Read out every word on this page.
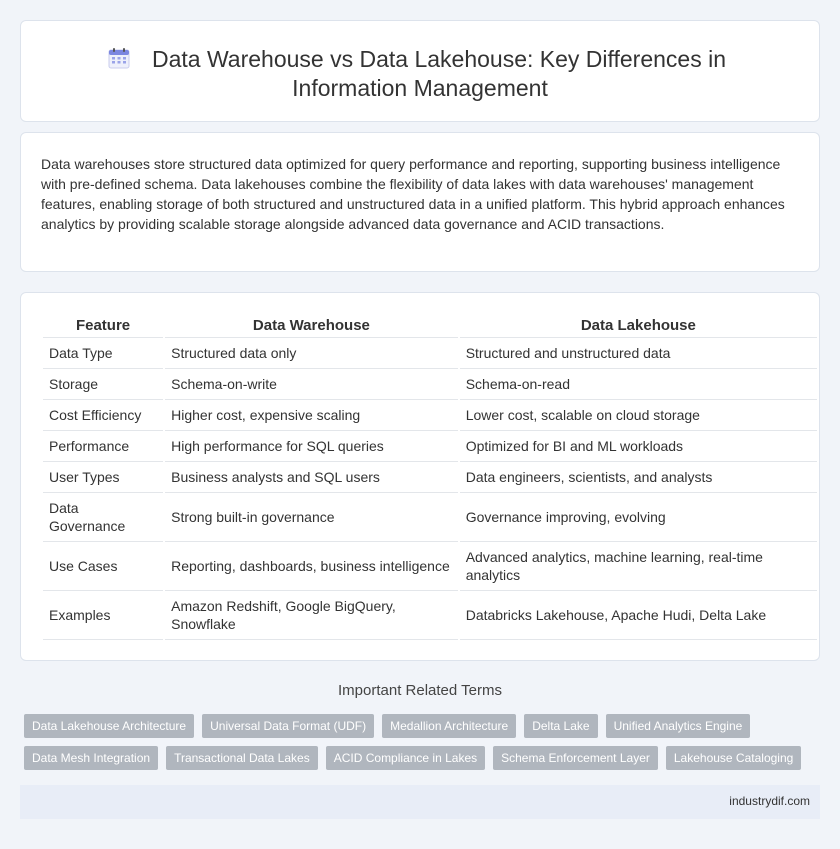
Data Warehouse vs Data Lakehouse: Key Differences in
Information Management

Data warehouses store structured data optimized for query performance and reporting, supporting business intelligence with pre-defined schema. Data lakehouses combine the flexibility of data lakes with data warehouses' management features, enabling storage of both structured and unstructured data in a unified platform. This hybrid approach enhances analytics by providing scalable storage alongside advanced data governance and ACID transactions.

Feature	Data Warehouse	Data Lakehouse
Data Type	Structured data only	Structured and unstructured data
Storage	Schema-on-write	Schema-on-read
Cost Efficiency	Higher cost, expensive scaling	Lower cost, scalable on cloud storage
Performance	High performance for SQL queries	Optimized for BI and ML workloads
User Types	Business analysts and SQL users	Data engineers, scientists, and analysts
Data Governance	Strong built-in governance	Governance improving, evolving
Use Cases	Reporting, dashboards, business intelligence	Advanced analytics, machine learning, real-time analytics
Examples	Amazon Redshift, Google BigQuery, Snowflake	Databricks Lakehouse, Apache Hudi, Delta Lake
Important Related Terms
Data Lakehouse Architecture	Universal Data Format (UDF)	Medallion Architecture	Delta Lake	Unified Analytics Engine
Data Mesh Integration	Transactional Data Lakes	ACID Compliance in Lakes	Schema Enforcement Layer	Lakehouse Cataloging
industrydif.com
